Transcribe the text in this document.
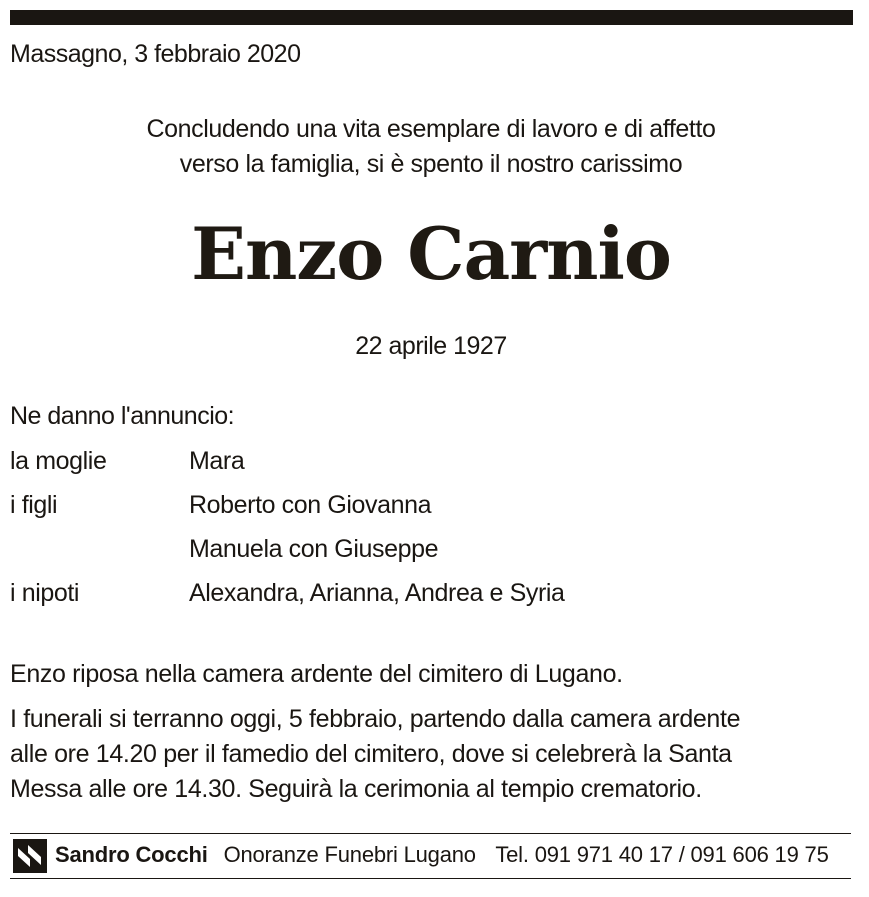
Massagno, 3 febbraio 2020
Concludendo una vita esemplare di lavoro e di affetto
verso la famiglia, si è spento il nostro carissimo
Enzo Carnio
22 aprile 1927
Ne danno l'annuncio:
la moglie	Mara
i figli	Roberto con Giovanna
Manuela con Giuseppe
i nipoti	Alexandra, Arianna, Andrea e Syria
Enzo riposa nella camera ardente del cimitero di Lugano.
I funerali si terranno oggi, 5 febbraio, partendo dalla camera ardente
alle ore 14.20 per il famedio del cimitero, dove si celebrerà la Santa
Messa alle ore 14.30. Seguirà la cerimonia al tempio crematorio.
Sandro Cocchi Onoranze Funebri Lugano Tel. 091 971 40 17 / 091 606 19 75
